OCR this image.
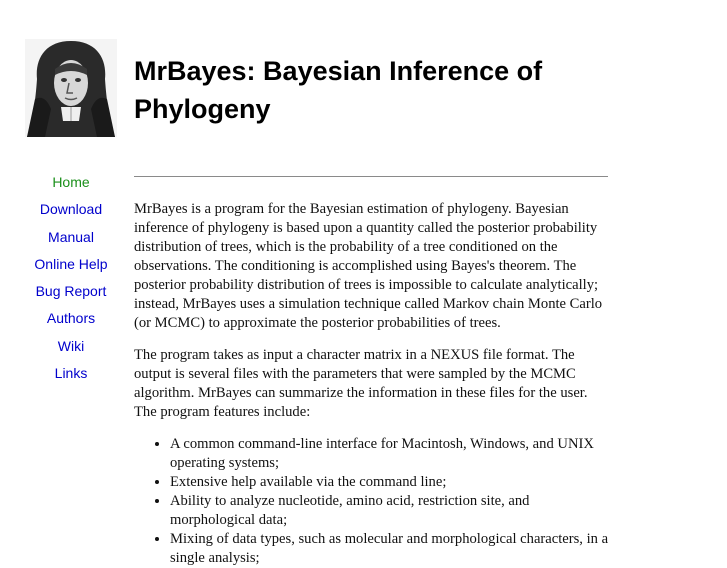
MrBayes: Bayesian Inference of Phylogeny
Home
Download
Manual
Online Help
Bug Report
Authors
Wiki
Links

MrBayes is a program for the Bayesian estimation of phylogeny. Bayesian inference of phylogeny is based upon a quantity called the posterior probability distribution of trees, which is the probability of a tree conditioned on the observations. The conditioning is accomplished using Bayes's theorem. The posterior probability distribution of trees is impossible to calculate analytically; instead, MrBayes uses a simulation technique called Markov chain Monte Carlo (or MCMC) to approximate the posterior probabilities of trees.

The program takes as input a character matrix in a NEXUS file format. The output is several files with the parameters that were sampled by the MCMC algorithm. MrBayes can summarize the information in these files for the user. The program features include:

• A common command-line interface for Macintosh, Windows, and UNIX operating systems;
• Extensive help available via the command line;
• Ability to analyze nucleotide, amino acid, restriction site, and morphological data;
• Mixing of data types, such as molecular and morphological characters, in a single analysis;
